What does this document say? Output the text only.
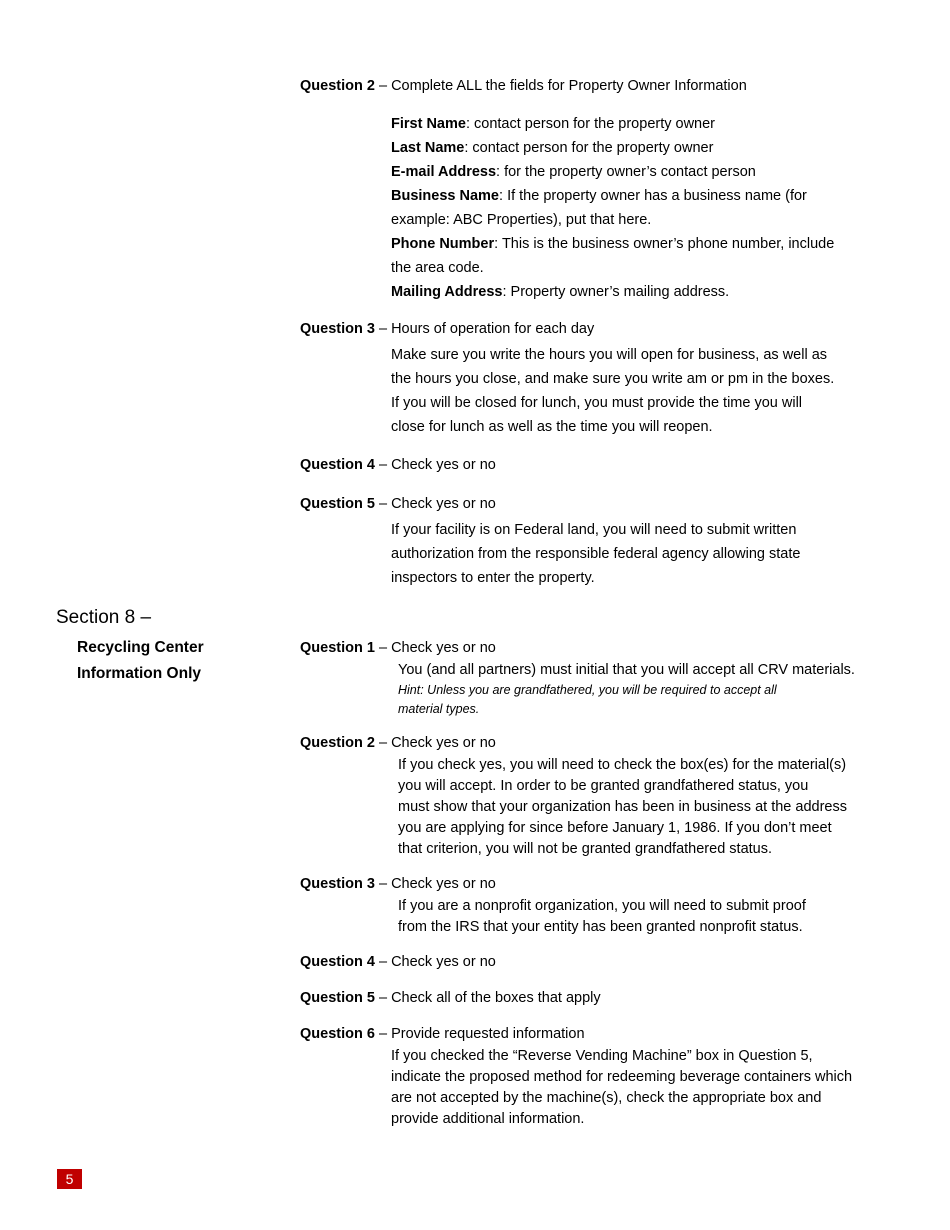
Question 2 – Complete ALL the fields for Property Owner Information
First Name: contact person for the property owner
Last Name: contact person for the property owner
E-mail Address: for the property owner’s contact person
Business Name: If the property owner has a business name (for
example: ABC Properties), put that here.
Phone Number: This is the business owner’s phone number, include
the area code.
Mailing Address: Property owner’s mailing address.
Question 3 – Hours of operation for each day
Make sure you write the hours you will open for business, as well as
the hours you close, and make sure you write am or pm in the boxes.
If you will be closed for lunch, you must provide the time you will
close for lunch as well as the time you will reopen.
Question 4 – Check yes or no
Question 5 – Check yes or no
If your facility is on Federal land, you will need to submit written
authorization from the responsible federal agency allowing state
inspectors to enter the property.
Section 8 –
Recycling Center
Information Only
Question 1 – Check yes or no
You (and all partners) must initial that you will accept all CRV materials.
Hint: Unless you are grandfathered, you will be required to accept all
material types.
Question 2 – Check yes or no
If you check yes, you will need to check the box(es) for the material(s)
you will accept. In order to be granted grandfathered status, you
must show that your organization has been in business at the address
you are applying for since before January 1, 1986. If you don’t meet
that criterion, you will not be granted grandfathered status.
Question 3 – Check yes or no
If you are a nonprofit organization, you will need to submit proof
from the IRS that your entity has been granted nonprofit status.
Question 4 – Check yes or no
Question 5 – Check all of the boxes that apply
Question 6 – Provide requested information
If you checked the “Reverse Vending Machine” box in Question 5,
indicate the proposed method for redeeming beverage containers which
are not accepted by the machine(s), check the appropriate box and
provide additional information.
5
